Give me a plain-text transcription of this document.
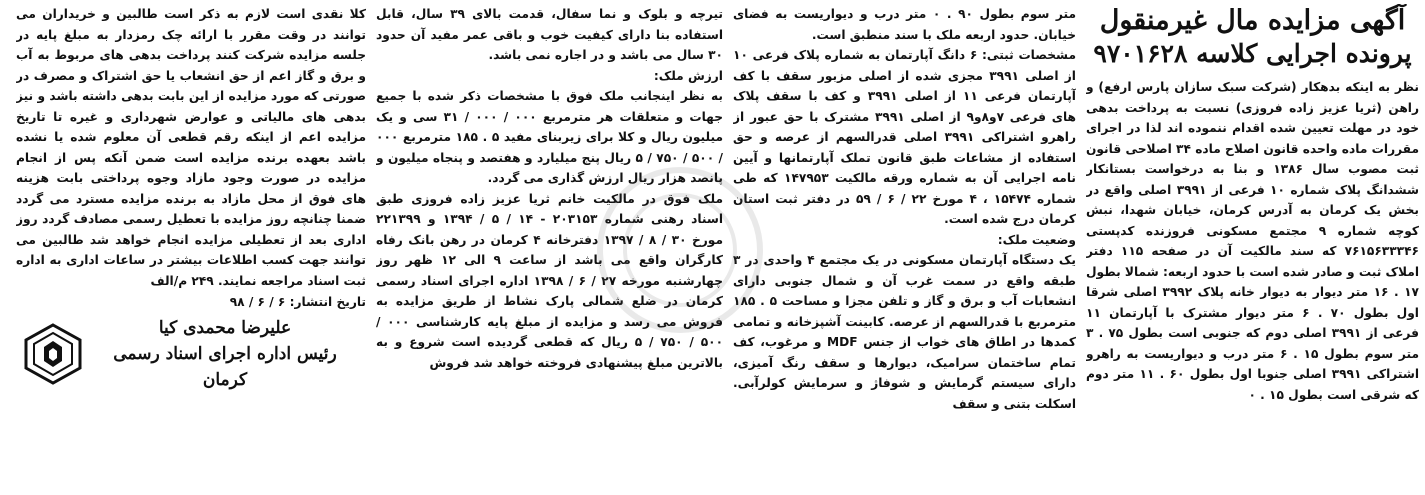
آگهی مزایده مال غیرمنقول
پرونده اجرایی کلاسه ۹۷۰۱۶۲۸
نظر به اینکه بدهکار (شرکت سبک سازان پارس ارفع) و راهن (ثریا عزیز زاده فروزی) نسبت به پرداخت بدهی خود در مهلت تعیین شده اقدام ننموده اند لذا در اجرای مقررات ماده واحده قانون اصلاح ماده ۳۴ اصلاحی قانون ثبت مصوب سال ۱۳۸۶ و بنا به درخواست بستانکار ششدانگ پلاک شماره ۱۰ فرعی از ۳۹۹۱ اصلی واقع در بخش یک کرمان به آدرس کرمان، خیابان شهدا، نبش کوچه شماره ۹ مجتمع مسکونی فروزنده کدپستی ۷۶۱۵۶۳۳۳۴۶ که سند مالکیت آن در صفحه ۱۱۵ دفتر املاک ثبت و صادر شده است با حدود اربعه: شمالا بطول ۱۷ . ۱۶ متر دیوار به دیوار خانه پلاک ۳۹۹۲ اصلی شرقا اول بطول ۷۰ . ۶ متر دیوار مشترک با آپارتمان ۱۱ فرعی از ۳۹۹۱ اصلی دوم که جنوبی است بطول ۷۵ . ۳ متر سوم بطول ۱۵ . ۶ متر درب و دیواریست به راهرو اشتراکی ۳۹۹۱ اصلی جنوبا اول بطول ۶۰ . ۱۱ متر دوم که شرقی است بطول ۱۵ . ۰
متر سوم بطول ۹۰ . ۰ متر درب و دیواریست به فضای خیابان. حدود اربعه ملک با سند منطبق است.
مشخصات ثبتی: ۶ دانگ آپارتمان به شماره پلاک فرعی ۱۰ از اصلی ۳۹۹۱ مجزی شده از اصلی مزبور سقف با کف آپارتمان فرعی ۱۱ از اصلی ۳۹۹۱ و کف با سقف پلاک های فرعی ۷و۸و۹ از اصلی ۳۹۹۱ مشترک با حق عبور از راهرو اشتراکی ۳۹۹۱ اصلی قدرالسهم از عرصه و حق استفاده از مشاعات طبق قانون تملک آپارتمانها و آیین نامه اجرایی آن به شماره ورقه مالکیت ۱۴۷۹۵۳ که طی شماره ۱۵۴۷۴ ، ۴ مورخ ۲۲ / ۶ / ۵۹ در دفتر ثبت استان کرمان درج شده است.
وضعیت ملک:
یک دستگاه آپارتمان مسکونی در یک مجتمع ۴ واحدی در ۳ طبقه واقع در سمت غرب آن و شمال جنوبی دارای انشعابات آب و برق و گاز و تلفن مجزا و مساحت ۵ . ۱۸۵ مترمربع با قدرالسهم از عرصه. کابینت آشپزخانه و تمامی کمدها در اطاق های خواب از جنس MDF و مرغوب، کف تمام ساختمان سرامیک، دیوارها و سقف رنگ آمیزی، دارای سیستم گرمایش و شوفاژ و سرمایش کولرآبی. اسکلت بتنی و سقف
تیرچه و بلوک و نما سفال، قدمت بالای ۳۹ سال، قابل استفاده بنا دارای کیفیت خوب و باقی عمر مفید آن حدود ۳۰ سال می باشد و در اجاره نمی باشد.
ارزش ملک:
به نظر اینجانب ملک فوق با مشخصات ذکر شده با جمیع جهات و متعلقات هر مترمربع ۰۰۰ / ۰۰۰ / ۳۱ سی و یک میلیون ریال و کلا برای زیربنای مفید ۵ . ۱۸۵ مترمربع ۰۰۰ / ۵۰۰ / ۷۵۰ / ۵ ریال پنج میلیارد و هفتصد و پنجاه میلیون و پانصد هزار ریال ارزش گذاری می گردد.
ملک فوق در مالکیت خانم ثریا عزیز زاده فروزی طبق اسناد رهنی شماره ۲۰۳۱۵۳ - ۱۴ / ۵ / ۱۳۹۴ و ۲۲۱۳۹۹ مورخ ۳۰ / ۸ / ۱۳۹۷ دفترخانه ۴ کرمان در رهن بانک رفاه کارگران واقع می باشد از ساعت ۹ الی ۱۲ ظهر روز چهارشنبه مورخه ۲۷ / ۶ / ۱۳۹۸ اداره اجرای اسناد رسمی کرمان در ضلع شمالی پارک نشاط از طریق مزایده به فروش می رسد و مزایده از مبلغ پایه کارشناسی ۰۰۰ / ۵۰۰ / ۷۵۰ / ۵ ریال که قطعی گردیده است شروع و به بالاترین مبلغ پیشنهادی فروخته خواهد شد فروش
کلا نقدی است لازم به ذکر است طالبین و خریداران می توانند در وقت مقرر با ارائه چک رمزدار به مبلغ پایه در جلسه مزایده شرکت کنند پرداخت بدهی های مربوط به آب و برق و گاز اعم از حق انشعاب یا حق اشتراک و مصرف در صورتی که مورد مزایده از این بابت بدهی داشته باشد و نیز بدهی های مالیاتی و عوارض شهرداری و غیره تا تاریخ مزایده اعم از اینکه رقم قطعی آن معلوم شده یا نشده باشد بعهده برنده مزایده است ضمن آنکه پس از انجام مزایده در صورت وجود مازاد وجوه پرداختی بابت هزینه های فوق از محل مازاد به برنده مزایده مسترد می گردد ضمنا چنانچه روز مزایده با تعطیل رسمی مصادف گردد روز اداری بعد از تعطیلی مزایده انجام خواهد شد طالبین می توانند جهت کسب اطلاعات بیشتر در ساعات اداری به اداره ثبت اسناد مراجعه نمایند. ۲۴۹ م/الف
تاریخ انتشار: ۶ / ۶ / ۹۸
علیرضا محمدی کیا
رئیس اداره اجرای اسناد رسمی
کرمان
